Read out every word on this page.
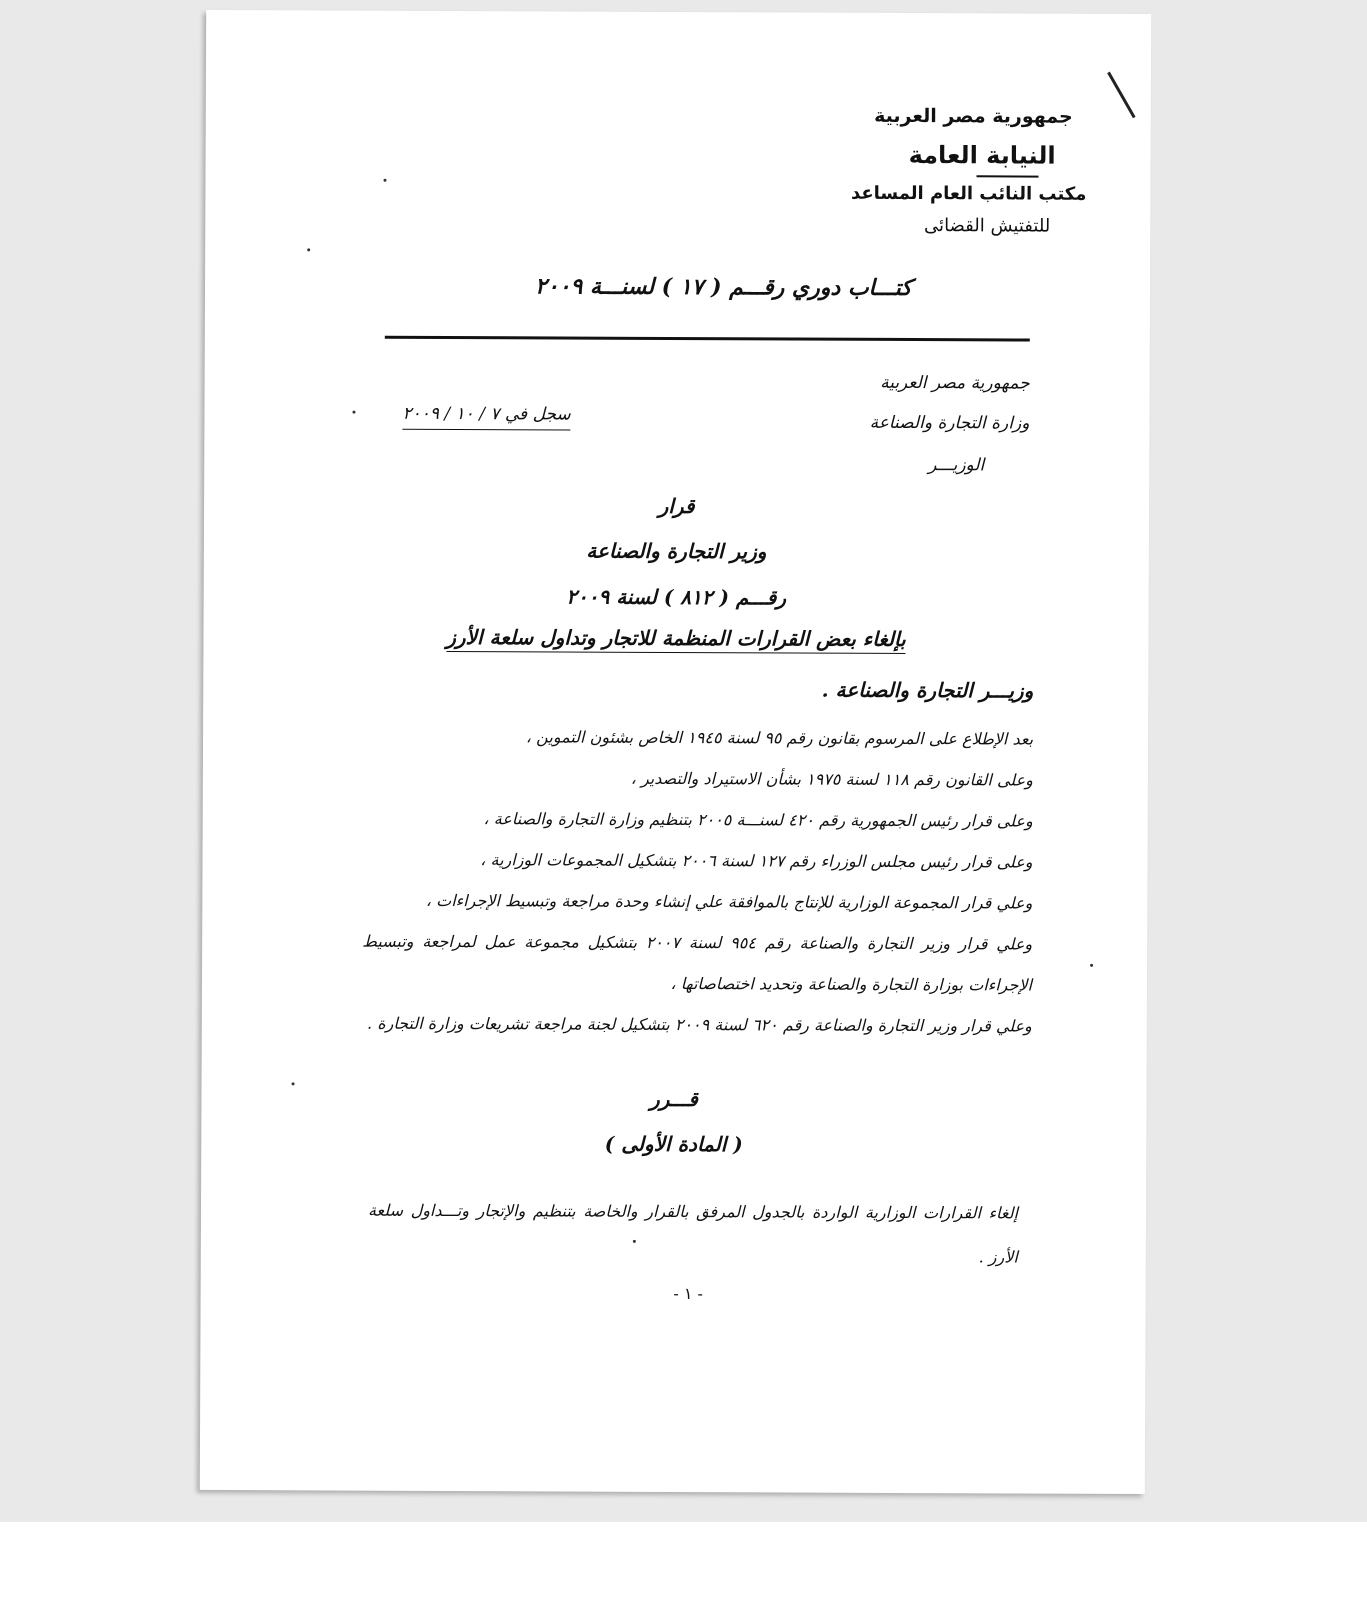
جمهورية مصر العربية
النيابة العامة
مكتب النائب العام المساعد
للتفتيش القضائى
كتـــاب دوري رقـــم ( ١٧ ) لسنـــة ٢٠٠٩
جمهورية مصر العربية
وزارة التجارة والصناعة
الوزيـــر
سجل في ٧ / ١٠ / ٢٠٠٩
قرار
وزير التجارة والصناعة
رقـــم ( ٨١٢ ) لسنة ٢٠٠٩
بإلغاء بعض القرارات المنظمة للاتجار وتداول سلعة الأرز
وزيـــر التجارة والصناعة .
بعد الإطلاع على المرسوم بقانون رقم ٩٥ لسنة ١٩٤٥ الخاص بشئون التموين ،
وعلى القانون رقم ١١٨ لسنة ١٩٧٥ بشأن الاستيراد والتصدير ،
وعلى قرار رئيس الجمهورية رقم ٤٢٠ لسنـــة ٢٠٠٥ بتنظيم وزارة التجارة والصناعة ،
وعلى قرار رئيس مجلس الوزراء رقم ١٢٧ لسنة ٢٠٠٦ بتشكيل المجموعات الوزارية ،
وعلي قرار المجموعة الوزارية للإنتاج بالموافقة علي إنشاء وحدة مراجعة وتبسيط الإجراءات ،
وعلي قرار وزير التجارة والصناعة رقم ٩٥٤ لسنة ٢٠٠٧ بتشكيل مجموعة عمل لمراجعة وتبسيط الإجراءات بوزارة التجارة والصناعة وتحديد اختصاصاتها ،
وعلي قرار وزير التجارة والصناعة رقم ٦٢٠ لسنة ٢٠٠٩ بتشكيل لجنة مراجعة تشريعات وزارة التجارة .
قـــرر
( المادة الأولى )
إلغاء القرارات الوزارية الواردة بالجدول المرفق بالقرار والخاصة بتنظيم والإتجار وتـــداول سلعة الأرز .
- ١ -
